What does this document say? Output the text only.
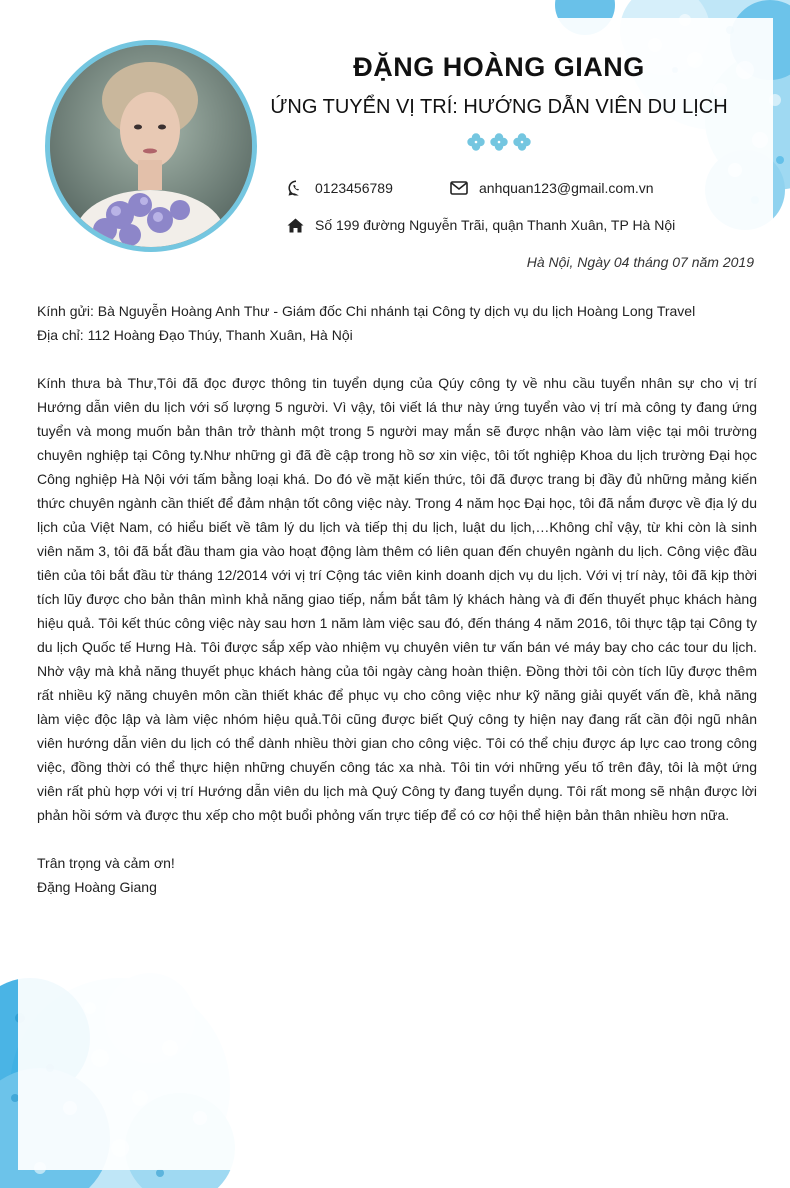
ĐẶNG HOÀNG GIANG
ỨNG TUYỂN VỊ TRÍ: HƯỚNG DẪN VIÊN DU LỊCH
0123456789	anhquan123@gmail.com.vn
Số 199 đường Nguyễn Trãi, quận Thanh Xuân, TP Hà Nội
Hà Nội, Ngày 04 tháng 07 năm 2019
Kính gửi: Bà Nguyễn Hoàng Anh Thư - Giám đốc Chi nhánh tại Công ty dịch vụ du lịch Hoàng Long Travel
Địa chỉ: 112 Hoàng Đạo Thúy, Thanh Xuân, Hà Nội

Kính thưa bà Thư,Tôi đã đọc được thông tin tuyển dụng của Qúy công ty về nhu cầu tuyển nhân sự cho vị trí Hướng dẫn viên du lịch với số lượng 5 người. Vì vậy, tôi viết lá thư này ứng tuyển vào vị trí mà công ty đang ứng tuyển và mong muốn bản thân trở thành một trong 5 người may mắn sẽ được nhận vào làm việc tại môi trường chuyên nghiệp tại Công ty.Như những gì đã đề cập trong hồ sơ xin việc, tôi tốt nghiệp Khoa du lịch trường Đại học Công nghiệp Hà Nội với tấm bằng loại khá. Do đó về mặt kiến thức, tôi đã được trang bị đầy đủ những mảng kiến thức chuyên ngành cần thiết để đảm nhận tốt công việc này. Trong 4 năm học Đại học, tôi đã nắm được về địa lý du lịch của Việt Nam, có hiểu biết về tâm lý du lịch và tiếp thị du lịch, luật du lịch,…Không chỉ vậy, từ khi còn là sinh viên năm 3, tôi đã bắt đầu tham gia vào hoạt động làm thêm có liên quan đến chuyên ngành du lịch. Công việc đầu tiên của tôi bắt đầu từ tháng 12/2014 với vị trí Cộng tác viên kinh doanh dịch vụ du lịch. Với vị trí này, tôi đã kịp thời tích lũy được cho bản thân mình khả năng giao tiếp, nắm bắt tâm lý khách hàng và đi đến thuyết phục khách hàng hiệu quả. Tôi kết thúc công việc này sau hơn 1 năm làm việc sau đó, đến tháng 4 năm 2016, tôi thực tập tại Công ty du lịch Quốc tế Hưng Hà. Tôi được sắp xếp vào nhiệm vụ chuyên viên tư vấn bán vé máy bay cho các tour du lịch. Nhờ vậy mà khả năng thuyết phục khách hàng của tôi ngày càng hoàn thiện. Đồng thời tôi còn tích lũy được thêm rất nhiều kỹ năng chuyên môn cần thiết khác để phục vụ cho công việc như kỹ năng giải quyết vấn đề, khả năng làm việc độc lập và làm việc nhóm hiệu quả.Tôi cũng được biết Quý công ty hiện nay đang rất cần đội ngũ nhân viên hướng dẫn viên du lịch có thể dành nhiều thời gian cho công việc. Tôi có thể chịu được áp lực cao trong công việc, đồng thời có thể thực hiện những chuyến công tác xa nhà. Tôi tin với những yếu tố trên đây, tôi là một ứng viên rất phù hợp với vị trí Hướng dẫn viên du lịch mà Quý Công ty đang tuyển dụng. Tôi rất mong sẽ nhận được lời phản hồi sớm và được thu xếp cho một buổi phỏng vấn trực tiếp để có cơ hội thể hiện bản thân nhiều hơn nữa.

Trân trọng và cảm ơn!
Đặng Hoàng Giang
